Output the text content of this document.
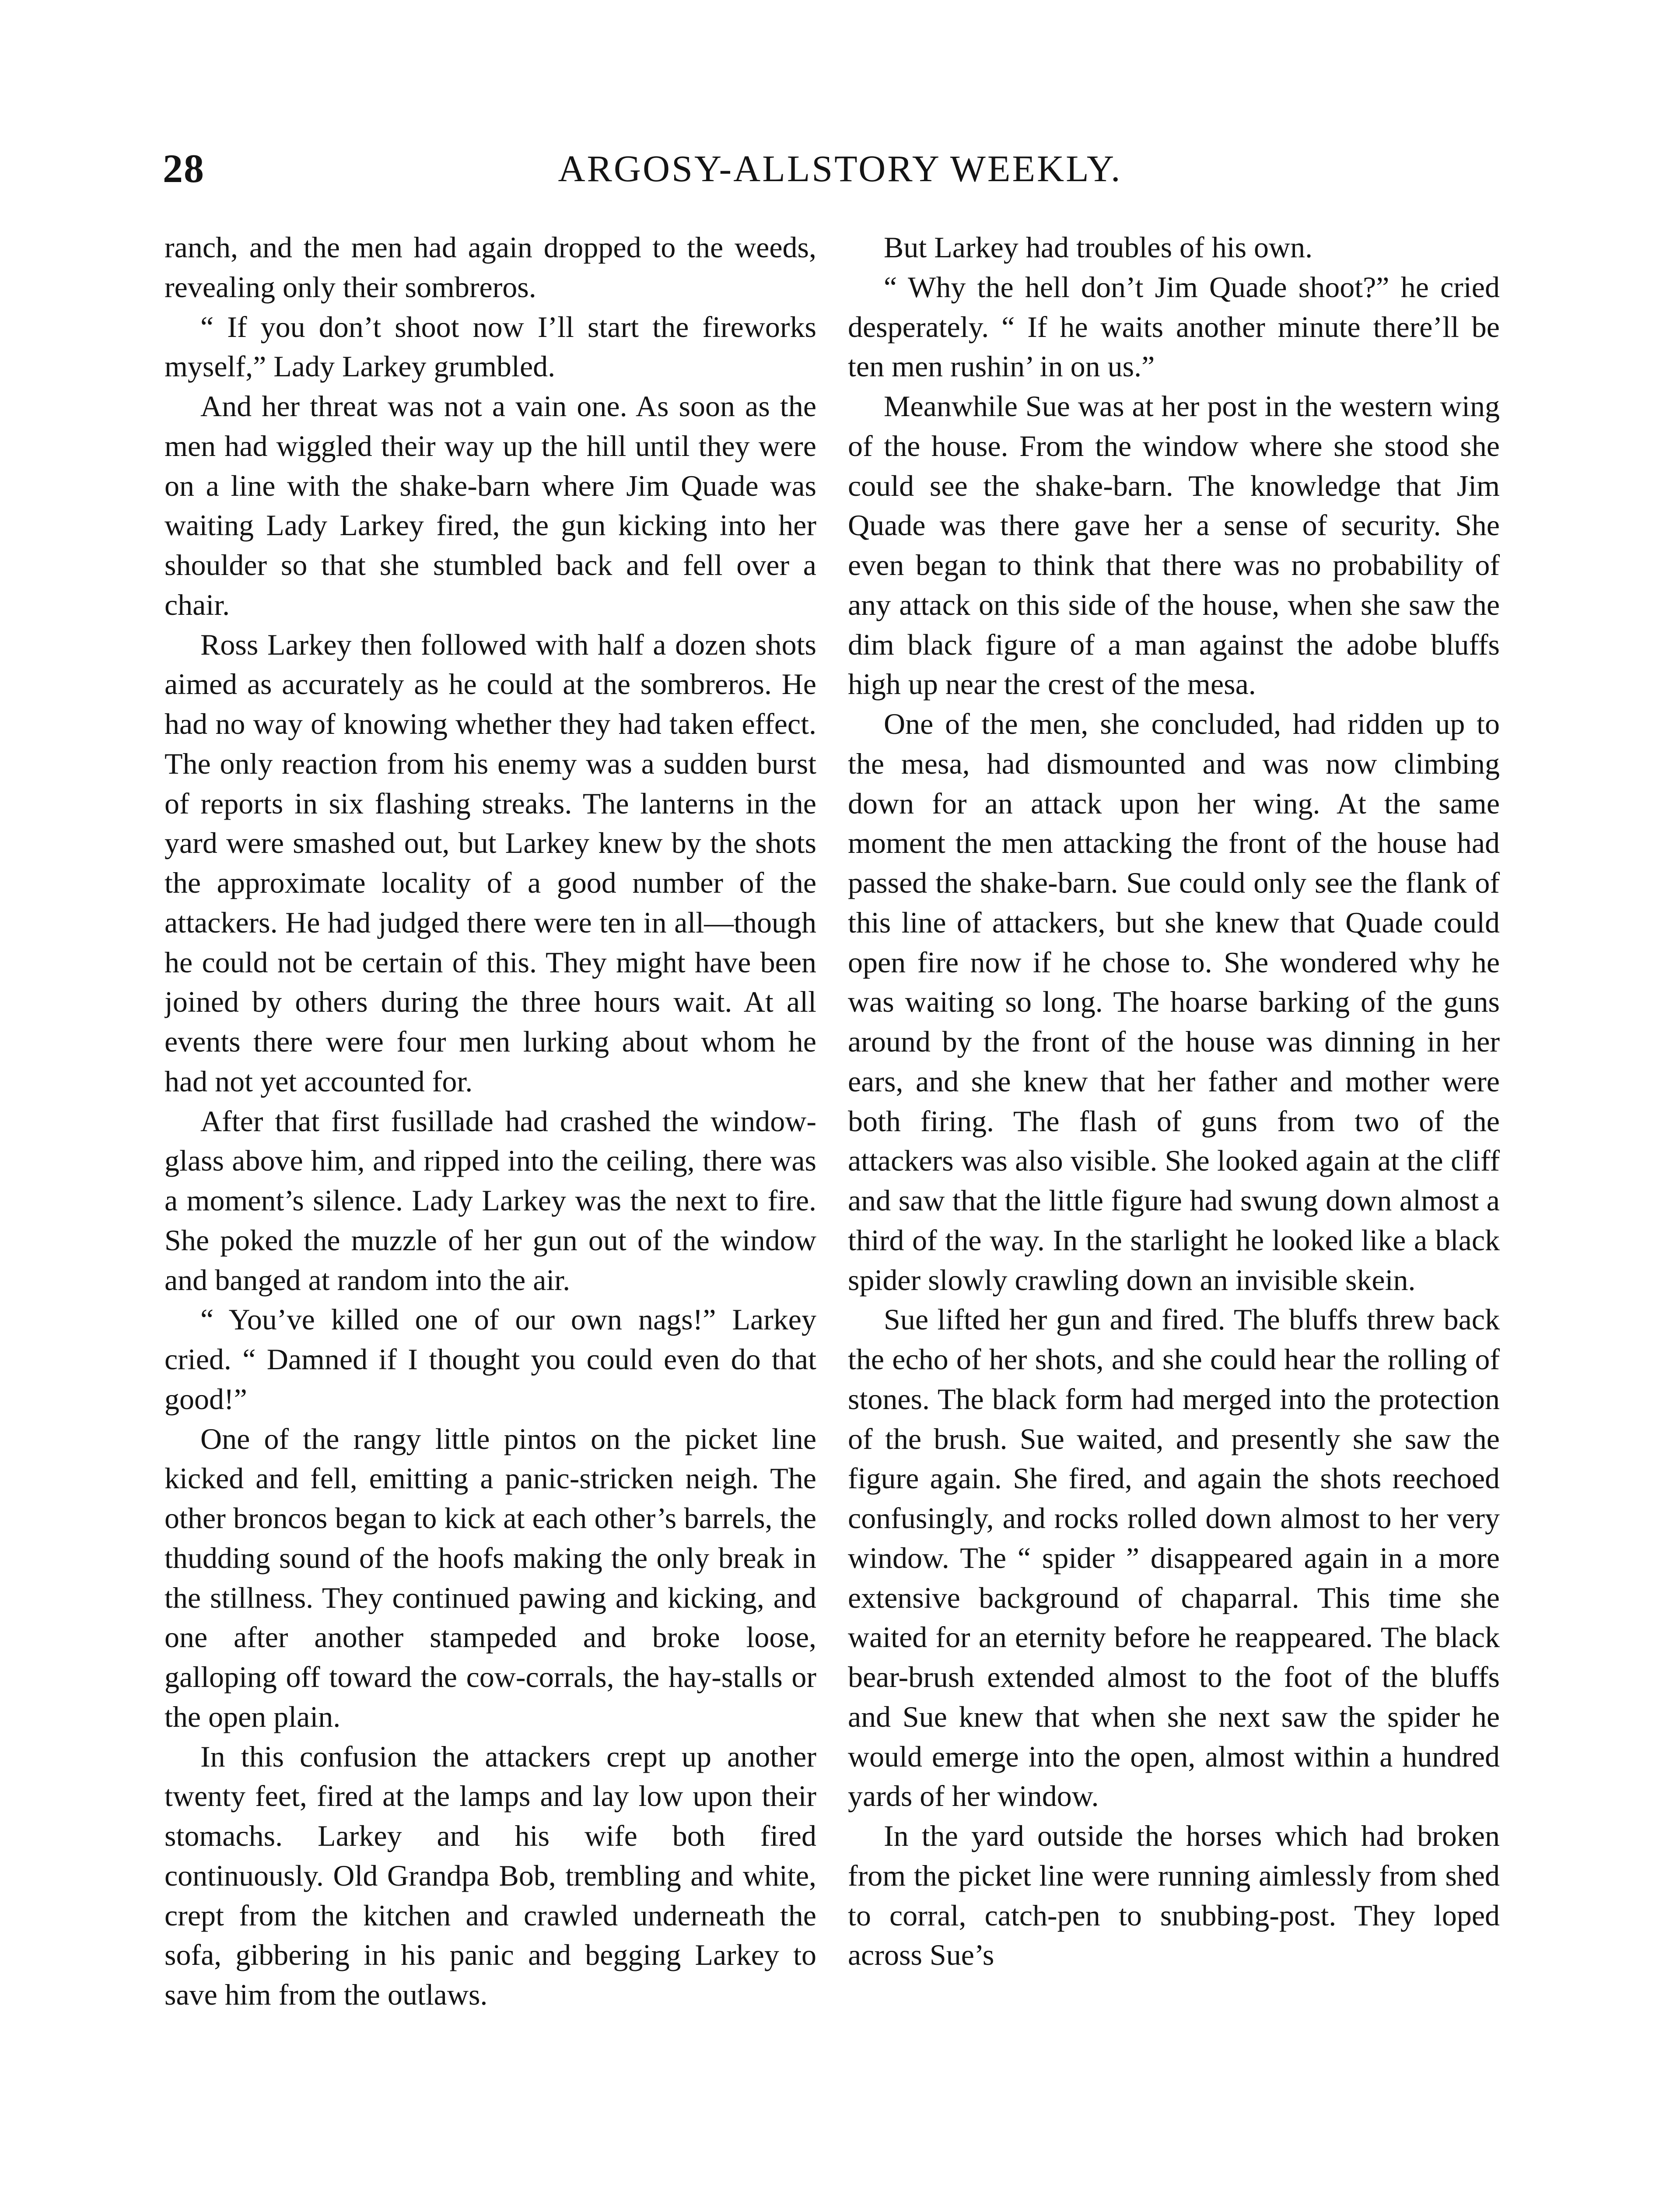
28	ARGOSY-ALLSTORY WEEKLY.

ranch, and the men had again dropped to the weeds, revealing only their sombreros.

“ If you don’t shoot now I’ll start the fireworks myself,” Lady Larkey grumbled.

And her threat was not a vain one. As soon as the men had wiggled their way up the hill until they were on a line with the shake-barn where Jim Quade was waiting Lady Larkey fired, the gun kicking into her shoulder so that she stumbled back and fell over a chair.

Ross Larkey then followed with half a dozen shots aimed as accurately as he could at the sombreros. He had no way of knowing whether they had taken effect. The only reaction from his enemy was a sudden burst of reports in six flashing streaks. The lanterns in the yard were smashed out, but Larkey knew by the shots the approximate locality of a good number of the attackers. He had judged there were ten in all—though he could not be certain of this. They might have been joined by others during the three hours wait. At all events there were four men lurking about whom he had not yet accounted for.

After that first fusillade had crashed the window-glass above him, and ripped into the ceiling, there was a moment’s silence. Lady Larkey was the next to fire. She poked the muzzle of her gun out of the window and banged at random into the air.

“ You’ve killed one of our own nags!” Larkey cried. “ Damned if I thought you could even do that good!”

One of the rangy little pintos on the picket line kicked and fell, emitting a panic-stricken neigh. The other broncos began to kick at each other’s barrels, the thudding sound of the hoofs making the only break in the stillness. They continued pawing and kicking, and one after another stampeded and broke loose, galloping off toward the cow-corrals, the hay-stalls or the open plain.

In this confusion the attackers crept up another twenty feet, fired at the lamps and lay low upon their stomachs. Larkey and his wife both fired continuously. Old Grandpa Bob, trembling and white, crept from the kitchen and crawled underneath the sofa, gibbering in his panic and begging Larkey to save him from the outlaws.

But Larkey had troubles of his own.

“ Why the hell don’t Jim Quade shoot?” he cried desperately. “ If he waits another minute there’ll be ten men rushin’ in on us.”

Meanwhile Sue was at her post in the western wing of the house. From the window where she stood she could see the shake-barn. The knowledge that Jim Quade was there gave her a sense of security. She even began to think that there was no probability of any attack on this side of the house, when she saw the dim black figure of a man against the adobe bluffs high up near the crest of the mesa.

One of the men, she concluded, had ridden up to the mesa, had dismounted and was now climbing down for an attack upon her wing. At the same moment the men attacking the front of the house had passed the shake-barn. Sue could only see the flank of this line of attackers, but she knew that Quade could open fire now if he chose to. She wondered why he was waiting so long. The hoarse barking of the guns around by the front of the house was dinning in her ears, and she knew that her father and mother were both firing. The flash of guns from two of the attackers was also visible. She looked again at the cliff and saw that the little figure had swung down almost a third of the way. In the starlight he looked like a black spider slowly crawling down an invisible skein.

Sue lifted her gun and fired. The bluffs threw back the echo of her shots, and she could hear the rolling of stones. The black form had merged into the protection of the brush. Sue waited, and presently she saw the figure again. She fired, and again the shots reechoed confusingly, and rocks rolled down almost to her very window. The “ spider ” disappeared again in a more extensive background of chaparral. This time she waited for an eternity before he reappeared. The black bear-brush extended almost to the foot of the bluffs and Sue knew that when she next saw the spider he would emerge into the open, almost within a hundred yards of her window.

In the yard outside the horses which had broken from the picket line were running aimlessly from shed to corral, catch-pen to snubbing-post. They loped across Sue’s
